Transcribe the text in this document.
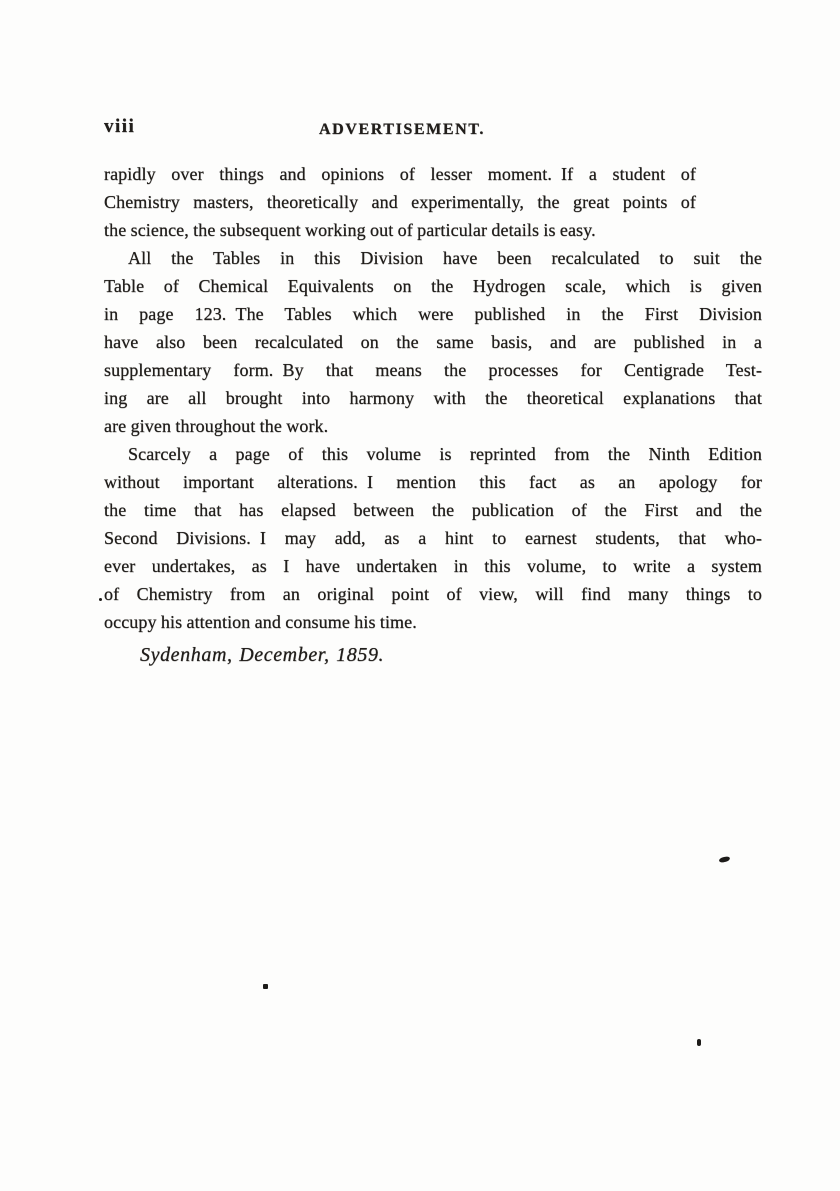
viii	ADVERTISEMENT.
rapidly over things and opinions of lesser moment. If a student of
Chemistry masters, theoretically and experimentally, the great points of
the science, the subsequent working out of particular details is easy.
All the Tables in this Division have been recalculated to suit the
Table of Chemical Equivalents on the Hydrogen scale, which is given
in page 123. The Tables which were published in the First Division
have also been recalculated on the same basis, and are published in a
supplementary form. By that means the processes for Centigrade Test-
ing are all brought into harmony with the theoretical explanations that
are given throughout the work.
Scarcely a page of this volume is reprinted from the Ninth Edition
without important alterations. I mention this fact as an apology for
the time that has elapsed between the publication of the First and the
Second Divisions. I may add, as a hint to earnest students, that who-
ever undertakes, as I have undertaken in this volume, to write a system
of Chemistry from an original point of view, will find many things to
occupy his attention and consume his time.
Sydenham, December, 1859.
